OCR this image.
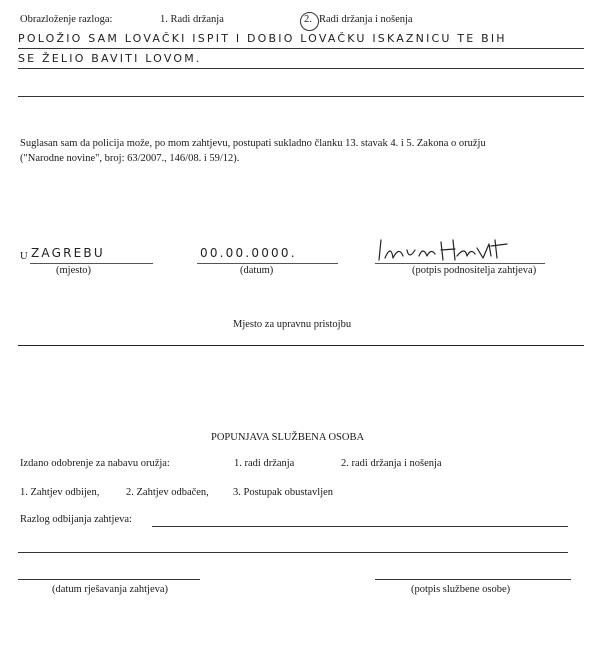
Obrazloženje razloga:	1. Radi držanja	2. Radi držanja i nošenja
POLOŽIO SAM LOVAČKI ISPIT I DOBIO LOVAČKU ISKAZNICU TE BIH
SE ŽELIO BAVITI LOVOM.
Suglasan sam da policija može, po mom zahtjevu, postupati sukladno članku 13. stavak 4. i 5. Zakona o oružju
("Narodne novine", broj: 63/2007., 146/08. i 59/12).
U ZAGREBU
(mjesto)
00.00.0000.
(datum)	(potpis podnositelja zahtjeva)
Mjesto za upravnu pristojbu
POPUNJAVA SLUŽBENA OSOBA
Izdano odobrenje za nabavu oružja:	1. radi držanja	2. radi držanja i nošenja
1. Zahtjev odbijen,	2. Zahtjev odbačen, 3. Postupak obustavljen
Razlog odbijanja zahtjeva:
(datum rješavanja zahtjeva)	(potpis službene osobe)
